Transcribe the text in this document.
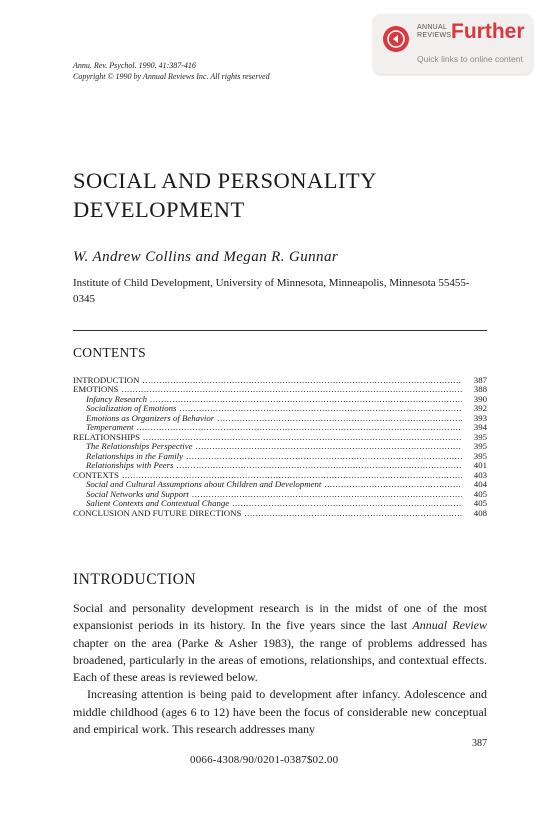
ANNUAL
REVIEWS Further
Quick links to online content
Annu. Rev. Psychol. 1990. 41:387-416
Copyright © 1990 by Annual Reviews Inc. All rights reserved
SOCIAL AND PERSONALITY
DEVELOPMENT
W. Andrew Collins and Megan R. Gunnar
Institute of Child Development, University of Minnesota, Minneapolis, Minnesota 55455-0345
CONTENTS
INTRODUCTION .....	387
EMOTIONS .....	388
Infancy Research .....	390
Socialization of Emotions .....	392
Emotions as Organizers of Behavior .....	393
Temperament .....	394
RELATIONSHIPS .....	395
The Relationships Perspective .....	395
Relationships in the Family .....	395
Relationships with Peers .....	401
CONTEXTS .....	403
Social and Cultural Assumptions about Children and Development .....	404
Social Networks and Support .....	405
Salient Contexts and Contextual Change .....	405
CONCLUSION AND FUTURE DIRECTIONS .....	408
INTRODUCTION

Social and personality development research is in the midst of one of the most expansionist periods in its history. In the five years since the last Annual Review chapter on the area (Parke & Asher 1983), the range of problems addressed has broadened, particularly in the areas of emotions, relationships, and contextual effects. Each of these areas is reviewed below.

Increasing attention is being paid to development after infancy. Adolescence and middle childhood (ages 6 to 12) have been the focus of considerable new conceptual and empirical work. This research addresses many

387
0066-4308/90/0201-0387$02.00
